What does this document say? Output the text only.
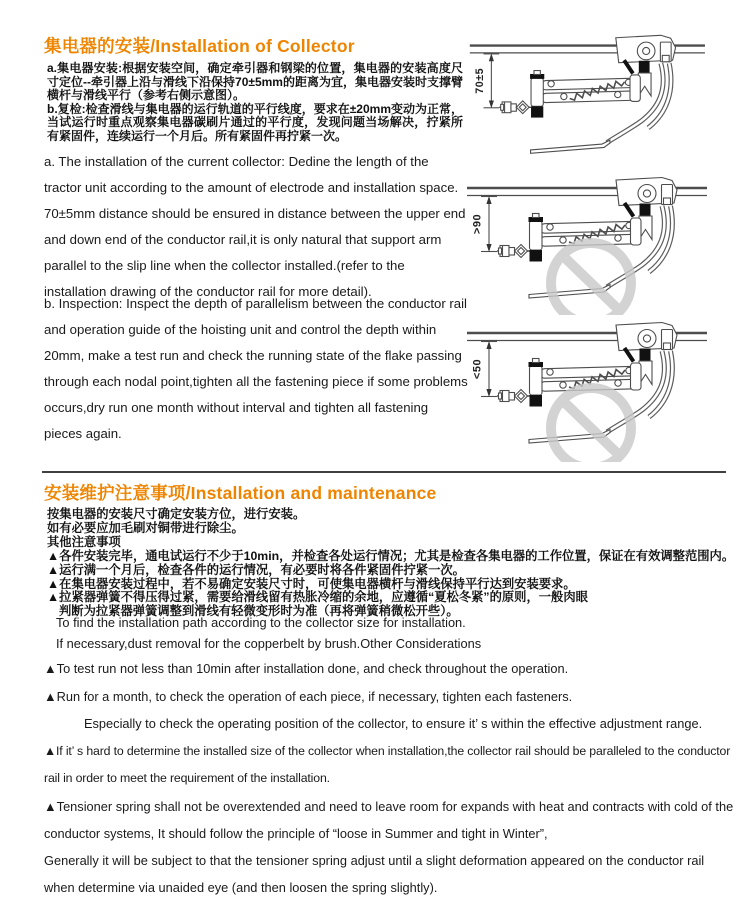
集电器的安装/Installation of Collector

a.集电器安装:根据安装空间，确定牵引器和钢梁的位置，集电器的安装高度尺寸定位--牵引器上沿与滑线下沿保持70±5mm的距离为宜，集电器安装时支撑臂横杆与滑线平行（参考右侧示意图）。

b.复检:检查滑线与集电器的运行轨道的平行线度，要求在±20mm变动为正常，当试运行时重点观察集电器碳刷片通过的平行度，发现问题当场解决，拧紧所有紧固件，连续运行一个月后。所有紧固件再拧紧一次。

a. The installation of the current collector: Dedine the length of the tractor unit according to the amount of electrode and installation space. 70±5mm distance should be ensured in distance between the upper end and down end of the conductor rail,it is only natural that support arm parallel to the slip line when the collector installed.(refer to the installation drawing of the conductor rail for more detail).
b. Inspection: Inspect the depth of parallelism between the conductor rail and operation guide of the hoisting unit and control the depth within 20mm, make a test run and check the running state of the flake passing through each nodal point,tighten all the fastening piece if some problems occurs,dry run one month without interval and tighten all fastening pieces again.
70±5
>90
<50
安装维护注意事项/Installation and maintenance
按集电器的安装尺寸确定安装方位，进行安装。
如有必要应加毛刷对铜带进行除尘。
其他注意事项
▲各件安装完毕，通电试运行不少于10min，并检查各处运行情况；尤其是检查各集电器的工作位置，保证在有效调整范围内。
▲运行满一个月后，检查各件的运行情况，有必要时将各件紧固件拧紧一次。
▲在集电器安装过程中，若不易确定安装尺寸时，可使集电器横杆与滑线保持平行达到安装要求。
▲拉紧器弹簧不得压得过紧，需要给滑线留有热胀冷缩的余地，应遵循“夏松冬紧”的原则，一般肉眼
判断为拉紧器弹簧调整到滑线有轻微变形时为准（再将弹簧稍微松开些）。
To find the installation path according to the collector size for installation.
If necessary,dust removal for the copperbelt by brush.Other Considerations
▲To test run not less than 10min after installation done, and check throughout the operation.
▲Run for a month, to check the operation of each piece, if necessary, tighten each fasteners.
Especially to check the operating position of the collector, to ensure it’ s within the effective adjustment range.
▲If it’ s hard to determine the installed size of the collector when installation,the collector rail should be paralleled to the conductor rail in order to meet the requirement of the installation.
▲Tensioner spring shall not be overextended and need to leave room for expands with heat and contracts with cold of the conductor systems, It should follow the principle of “loose in Summer and tight in Winter”,
Generally it will be subject to that the tensioner spring adjust until a slight deformation appeared on the conductor rail when determine via unaided eye (and then loosen the spring slightly).
